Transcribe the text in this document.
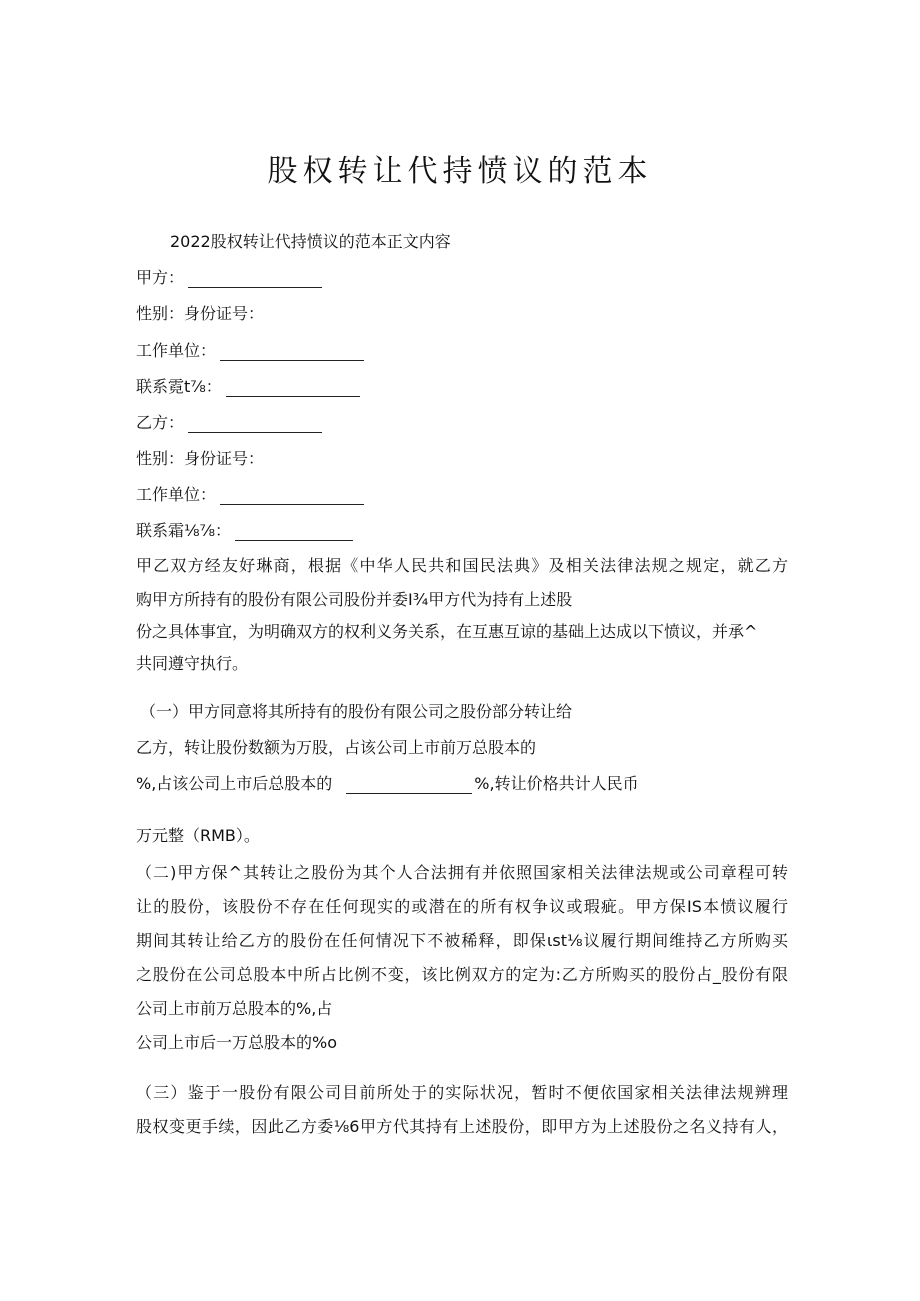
股权转让代持愤议的范本
2022股权转让代持愤议的范本正文内容
甲方：
性别：身份证号：
工作单位：
联系霓t⅞：
乙方：
性别：身份证号：
工作单位：
联系霜⅛⅞：
甲乙双方经友好琳商，根据《中华人民共和国民法典》及相关法律法规之规定，就乙方
购甲方所持有的股份有限公司股份并委I¾甲方代为持有上述股
份之具体事宜，为明确双方的权利义务关系，在互惠互谅的基础上达成以下愤议，并承^
共同遵守执行。
（一）甲方同意将其所持有的股份有限公司之股份部分转让给
乙方，转让股份数额为万股，占该公司上市前万总股本的
%,占该公司上市后总股本的	%,转让价格共计人民币
万元整（RMB）。
（二)甲方保^其转让之股份为其个人合法拥有并依照国家相关法律法规或公司章程可转
让的股份，该股份不存在任何现实的或潜在的所有权争议或瑕疵。甲方保IS本愤议履行
期间其转让给乙方的股份在任何情况下不被稀释，即保ιst⅛议履行期间维持乙方所购买
之股份在公司总股本中所占比例不变，该比例双方的定为:乙方所购买的股份占_股份有限
公司上市前万总股本的%,占
公司上市后一万总股本的%o
（三）鉴于一股份有限公司目前所处于的实际状况，暂时不便依国家相关法律法规辨理
股权变更手续，因此乙方委⅛6甲方代其持有上述股份，即甲方为上述股份之名义持有人，
